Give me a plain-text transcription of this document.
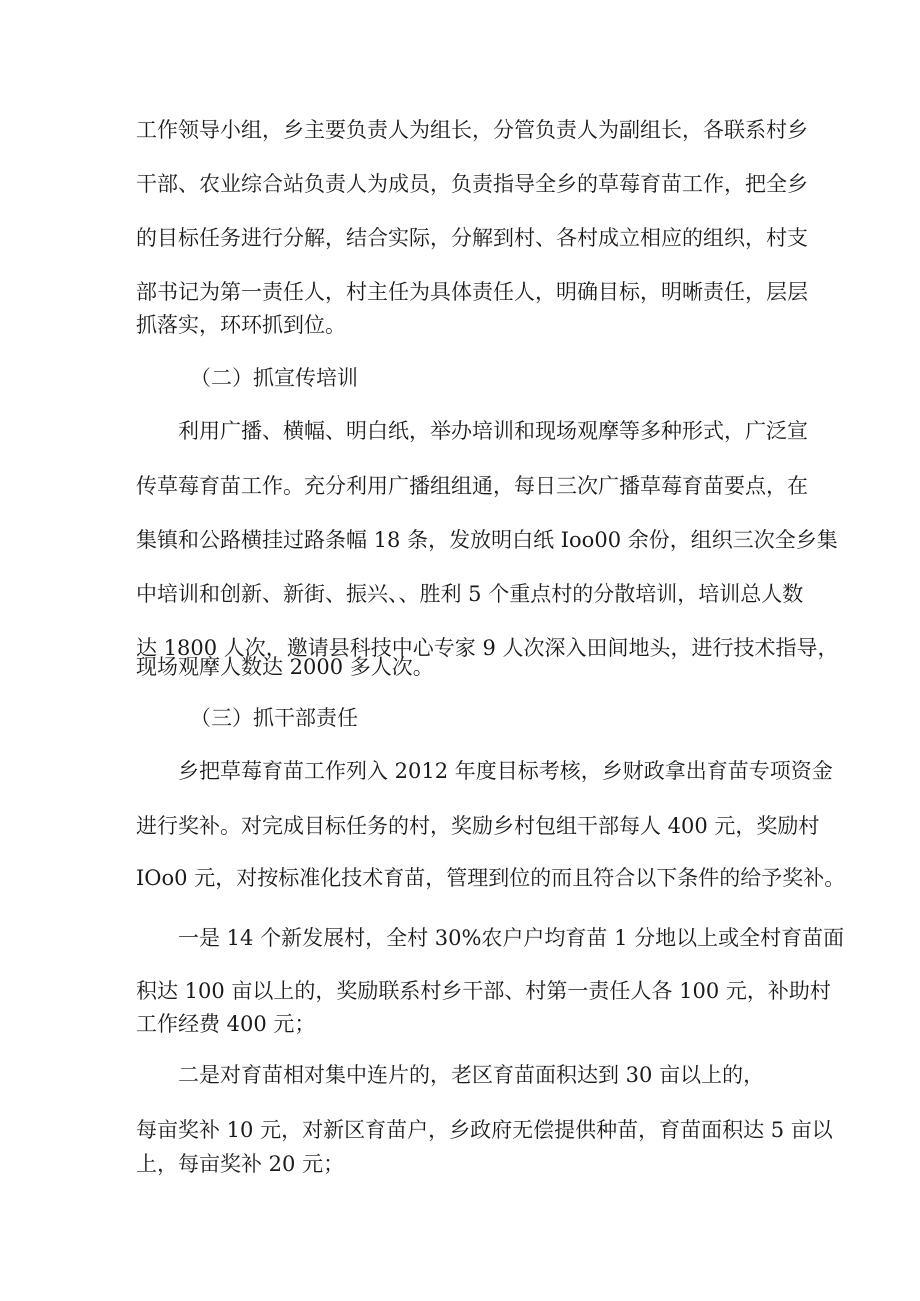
工作领导小组，乡主要负责人为组长，分管负责人为副组长，各联系村乡
干部、农业综合站负责人为成员，负责指导全乡的草莓育苗工作，把全乡
的目标任务进行分解，结合实际，分解到村、各村成立相应的组织，村支
部书记为第一责任人，村主任为具体责任人，明确目标，明晰责任，层层
抓落实，环环抓到位。
（二）抓宣传培训
利用广播、横幅、明白纸，举办培训和现场观摩等多种形式，广泛宣
传草莓育苗工作。充分利用广播组组通，每日三次广播草莓育苗要点，在
集镇和公路横挂过路条幅 18 条，发放明白纸 Ioo00 余份，组织三次全乡集
中培训和创新、新街、振兴、、胜利 5 个重点村的分散培训，培训总人数
达 1800 人次，邀请县科技中心专家 9 人次深入田间地头，进行技术指导，
现场观摩人数达 2000 多人次。
（三）抓干部责任
乡把草莓育苗工作列入 2012 年度目标考核，乡财政拿出育苗专项资金
进行奖补。对完成目标任务的村，奖励乡村包组干部每人 400 元，奖励村
IOo0 元，对按标准化技术育苗，管理到位的而且符合以下条件的给予奖补。
一是 14 个新发展村，全村 30%农户户均育苗 1 分地以上或全村育苗面
积达 100 亩以上的，奖励联系村乡干部、村第一责任人各 100 元，补助村
工作经费 400 元；
二是对育苗相对集中连片的，老区育苗面积达到 30 亩以上的，
每亩奖补 10 元，对新区育苗户，乡政府无偿提供种苗，育苗面积达 5 亩以
上，每亩奖补 20 元；
